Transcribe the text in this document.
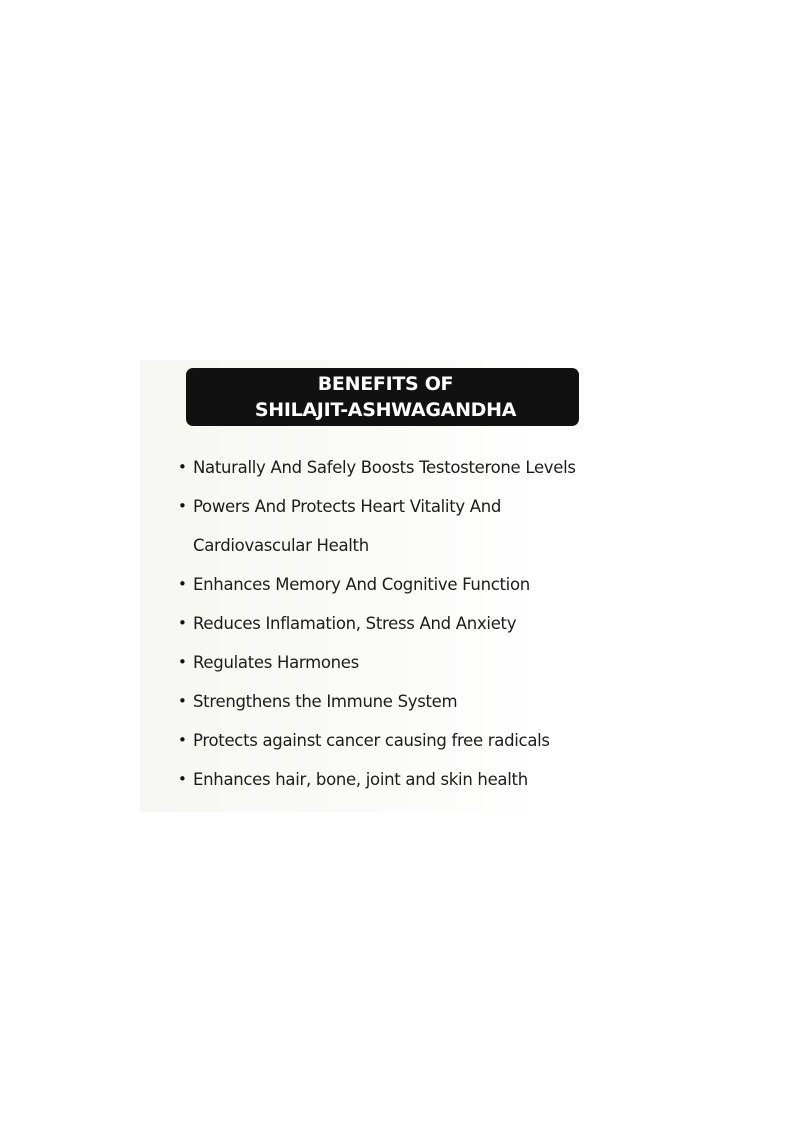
BENEFITS OF
SHILAJIT-ASHWAGANDHA
• Naturally And Safely Boosts Testosterone Levels
• Powers And Protects Heart Vitality And
Cardiovascular Health
• Enhances Memory And Cognitive Function
• Reduces Inflamation, Stress And Anxiety
• Regulates Harmones
• Strengthens the Immune System
• Protects against cancer causing free radicals
• Enhances hair, bone, joint and skin health
